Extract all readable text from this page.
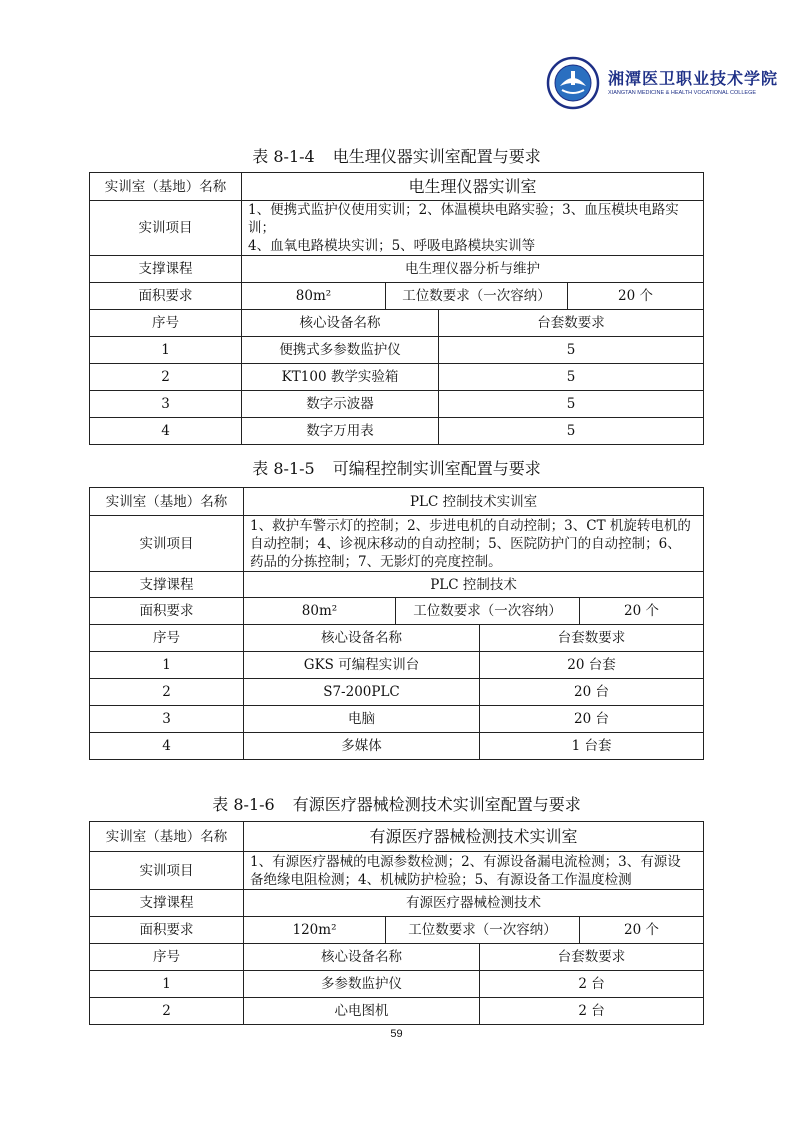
湘潭医卫职业技术学院
XIANGTAN MEDICINE & HEALTH VOCATIONAL COLLEGE
表 8-1-4 电生理仪器实训室配置与要求
实训室（基地）名称	电生理仪器实训室			
实训项目	1、便携式监护仪使用实训；2、体温模块电路实验；3、血压模块电路实训；
4、血氧电路模块实训；5、呼吸电路模块实训等			

支撑课程	电生理仪器分析与维护			
面积要求	80m²	工位数要求（一次容纳）		20 个
序号	核心设备名称		台套数要求	
1	便携式多参数监护仪		5	
2	KT100 教学实验箱		5	
3	数字示波器		5	
4	数字万用表		5	
表 8-1-5 可编程控制实训室配置与要求
实训室（基地）名称	PLC 控制技术实训室			
实训项目	1、救护车警示灯的控制；2、步进电机的自动控制；3、CT 机旋转电机的
自动控制；4、诊视床移动的自动控制；5、医院防护门的自动控制；6、
药品的分拣控制；7、无影灯的亮度控制。			

支撑课程	PLC 控制技术			
面积要求	80m²	工位数要求（一次容纳）		20 个
序号	核心设备名称		台套数要求	
1	GKS 可编程实训台		20 台套	
2	S7-200PLC		20 台	
3	电脑		20 台	
4	多媒体		1 台套	
表 8-1-6 有源医疗器械检测技术实训室配置与要求
实训室（基地）名称	有源医疗器械检测技术实训室			
实训项目	1、有源医疗器械的电源参数检测；2、有源设备漏电流检测；3、有源设
备绝缘电阻检测；4、机械防护检验；5、有源设备工作温度检测			

支撑课程	有源医疗器械检测技术			
面积要求	120m²	工位数要求（一次容纳）		20 个
序号	核心设备名称		台套数要求	
1	多参数监护仪		2 台	
2	心电图机		2 台	
59
